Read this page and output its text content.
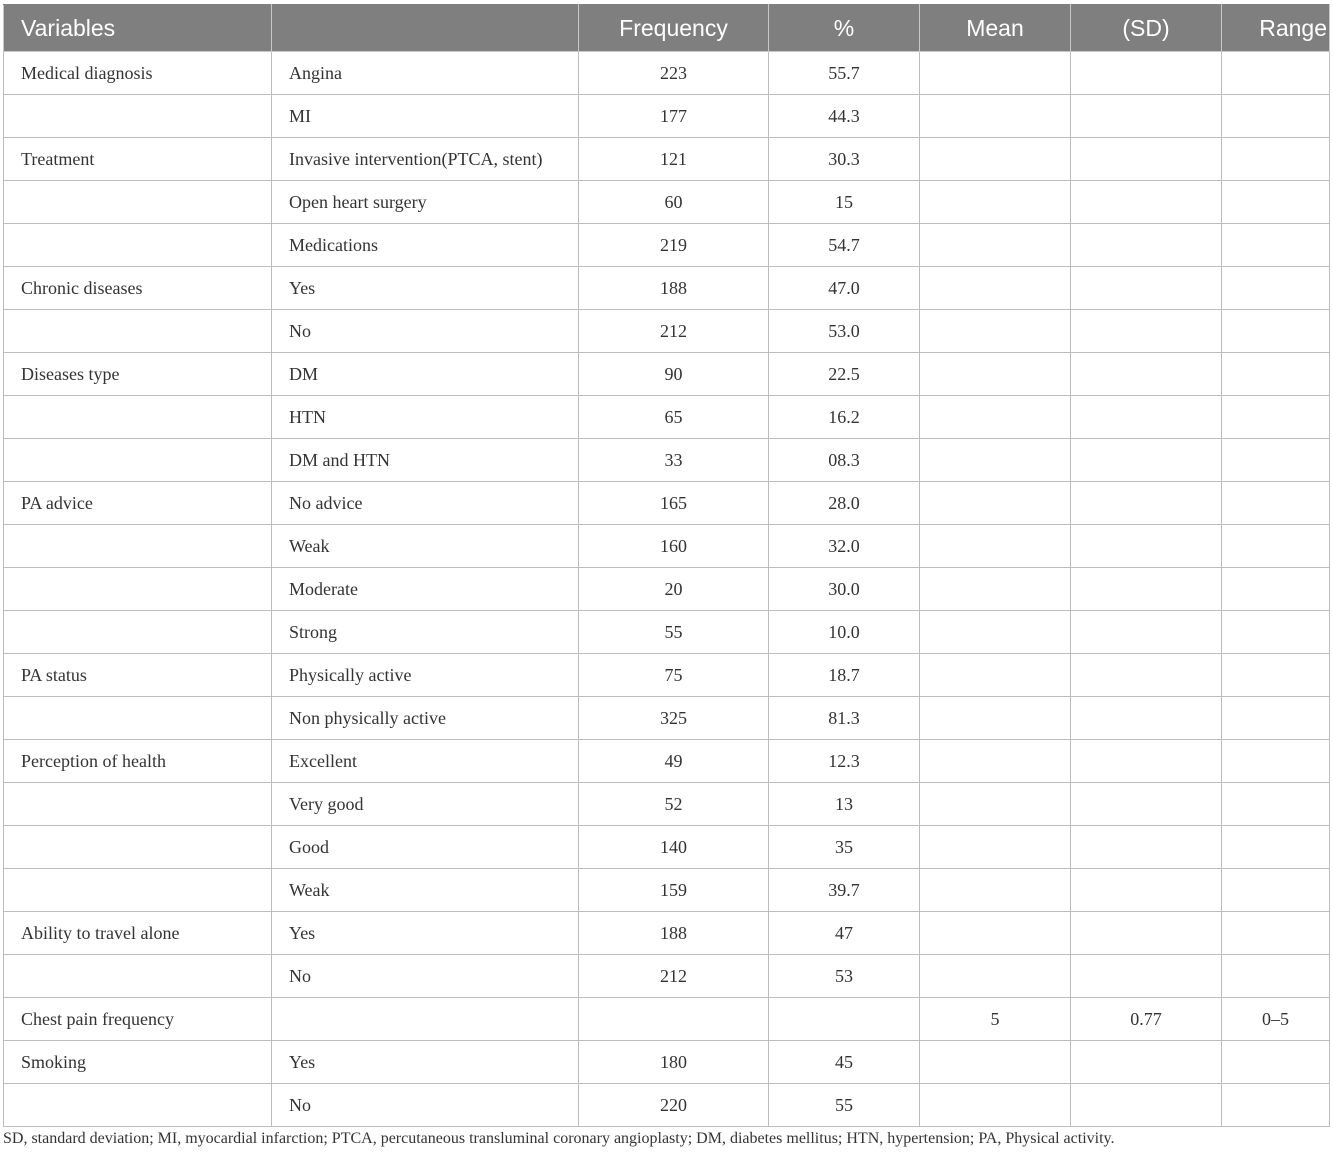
Variables		Frequency	%	Mean	(SD)	Range
Medical diagnosis	Angina	223	55.7			
	MI	177	44.3			
Treatment	Invasive intervention(PTCA, stent)	121	30.3			
	Open heart surgery	60	15			
	Medications	219	54.7			
Chronic diseases	Yes	188	47.0			
	No	212	53.0			
Diseases type	DM	90	22.5			
	HTN	65	16.2			
	DM and HTN	33	08.3			
PA advice	No advice	165	28.0			
	Weak	160	32.0			
	Moderate	20	30.0			
	Strong	55	10.0			
PA status	Physically active	75	18.7			
	Non physically active	325	81.3			
Perception of health	Excellent	49	12.3			
	Very good	52	13			
	Good	140	35			
	Weak	159	39.7			
Ability to travel alone	Yes	188	47			
	No	212	53			
Chest pain frequency				5	0.77	0–5
Smoking	Yes	180	45			
	No	220	55			
SD, standard deviation; MI, myocardial infarction; PTCA, percutaneous transluminal coronary angioplasty; DM, diabetes mellitus; HTN, hypertension; PA, Physical activity.
